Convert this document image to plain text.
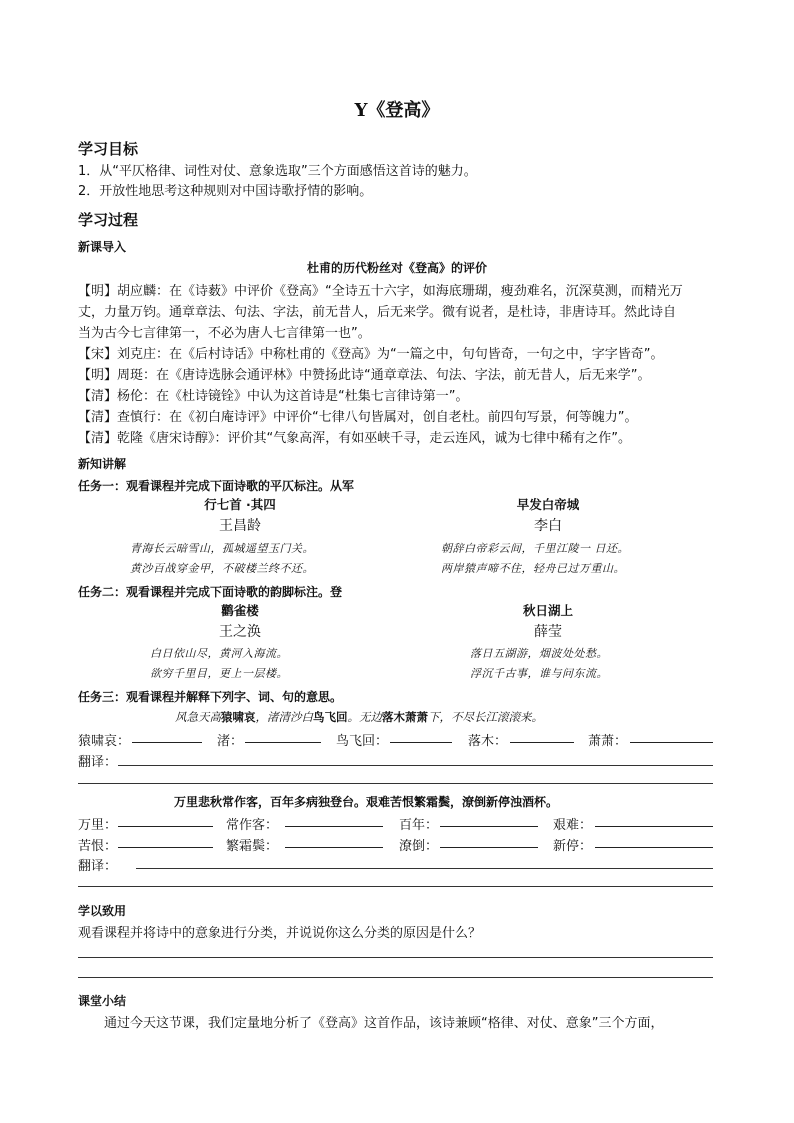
Y《登高》
学习目标
1．从“平仄格律、词性对仗、意象选取”三个方面感悟这首诗的魅力。
2．开放性地思考这种规则对中国诗歌抒情的影响。
学习过程
新课导入
杜甫的历代粉丝对《登高》的评价
【明】胡应麟：在《诗薮》中评价《登高》“全诗五十六字，如海底珊瑚，瘦劲难名，沉深莫测，而精光万
丈，力量万钧。通章章法、句法、字法，前无昔人，后无来学。微有说者，是杜诗，非唐诗耳。然此诗自
当为古今七言律第一，不必为唐人七言律第一也”。
【宋】刘克庄：在《后村诗话》中称杜甫的《登高》为“一篇之中，句句皆奇，一句之中，字字皆奇”。
【明】周珽：在《唐诗选脉会通评林》中赞扬此诗“通章章法、句法、字法，前无昔人，后无来学”。
【清】杨伦：在《杜诗镜铨》中认为这首诗是“杜集七言律诗第一”。
【清】查慎行：在《初白庵诗评》中评价“七律八句皆属对，创自老杜。前四句写景，何等魄力”。
【清】乾隆《唐宋诗醇》：评价其“气象高浑，有如巫峡千寻，走云连风，诚为七律中稀有之作”。
新知讲解
任务一：观看课程并完成下面诗歌的平仄标注。从军
行七首 ·其四
王昌龄
青海长云暗雪山，孤城遥望玉门关。
黄沙百战穿金甲，不破楼兰终不还。
早发白帝城
李白
朝辞白帝彩云间，千里江陵一 日还。
两岸猿声啼不住，轻舟已过万重山。
任务二：观看课程并完成下面诗歌的韵脚标注。登
鹳雀楼
王之涣
白日依山尽，黄河入海流。
欲穷千里目，更上一层楼。
秋日湖上
薛莹
落日五湖游，烟波处处愁。
浮沉千古事，谁与问东流。
任务三：观看课程并解释下列字、词、句的意思。
风急天高猿啸哀，渚清沙白鸟飞回。无边落木萧萧下，不尽长江滚滚来。
猿啸哀：	渚：	鸟飞回：	落木：	萧萧：
翻译：
万里悲秋常作客，百年多病独登台。艰难苦恨繁霜鬓，潦倒新停浊酒杯。
万里：	常作客：	百年：	艰难：
苦恨：	繁霜鬓：	潦倒：	新停：
翻译：
学以致用
观看课程并将诗中的意象进行分类，并说说你这么分类的原因是什么？
课堂小结
通过今天这节课，我们定量地分析了《登高》这首作品，该诗兼顾“格律、对仗、意象”三个方面，
